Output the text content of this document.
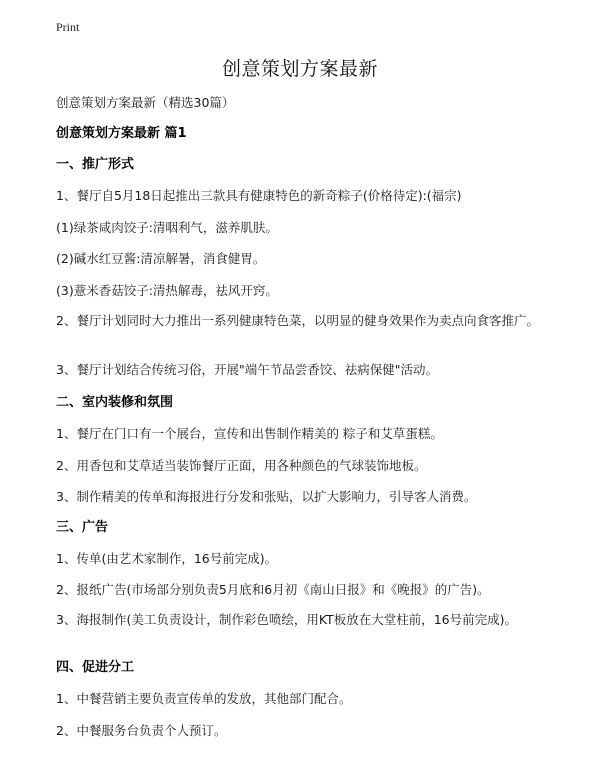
Print
创意策划方案最新
创意策划方案最新（精选30篇）
创意策划方案最新 篇1
一、推广形式
1、餐厅自5月18日起推出三款具有健康特色的新奇粽子(价格待定):(福宗)
(1)绿茶咸肉饺子:清咽利气，滋养肌肤。
(2)碱水红豆酱:清凉解暑，消食健胃。
(3)薏米香菇饺子:清热解毒，祛风开窍。
2、餐厅计划同时大力推出一系列健康特色菜，以明显的健身效果作为卖点向食客推广。
3、餐厅计划结合传统习俗，开展"端午节品尝香饺、祛病保健"活动。
二、室内装修和氛围
1、餐厅在门口有一个展台，宣传和出售制作精美的 粽子和艾草蛋糕。
2、用香包和艾草适当装饰餐厅正面，用各种颜色的气球装饰地板。
3、制作精美的传单和海报进行分发和张贴，以扩大影响力，引导客人消费。
三、广告
1、传单(由艺术家制作，16号前完成)。
2、报纸广告(市场部分别负责5月底和6月初《南山日报》和《晚报》的广告)。
3、海报制作(美工负责设计，制作彩色喷绘，用KT板放在大堂柱前，16号前完成)。
四、促进分工
1、中餐营销主要负责宣传单的发放，其他部门配合。
2、中餐服务台负责个人预订。
